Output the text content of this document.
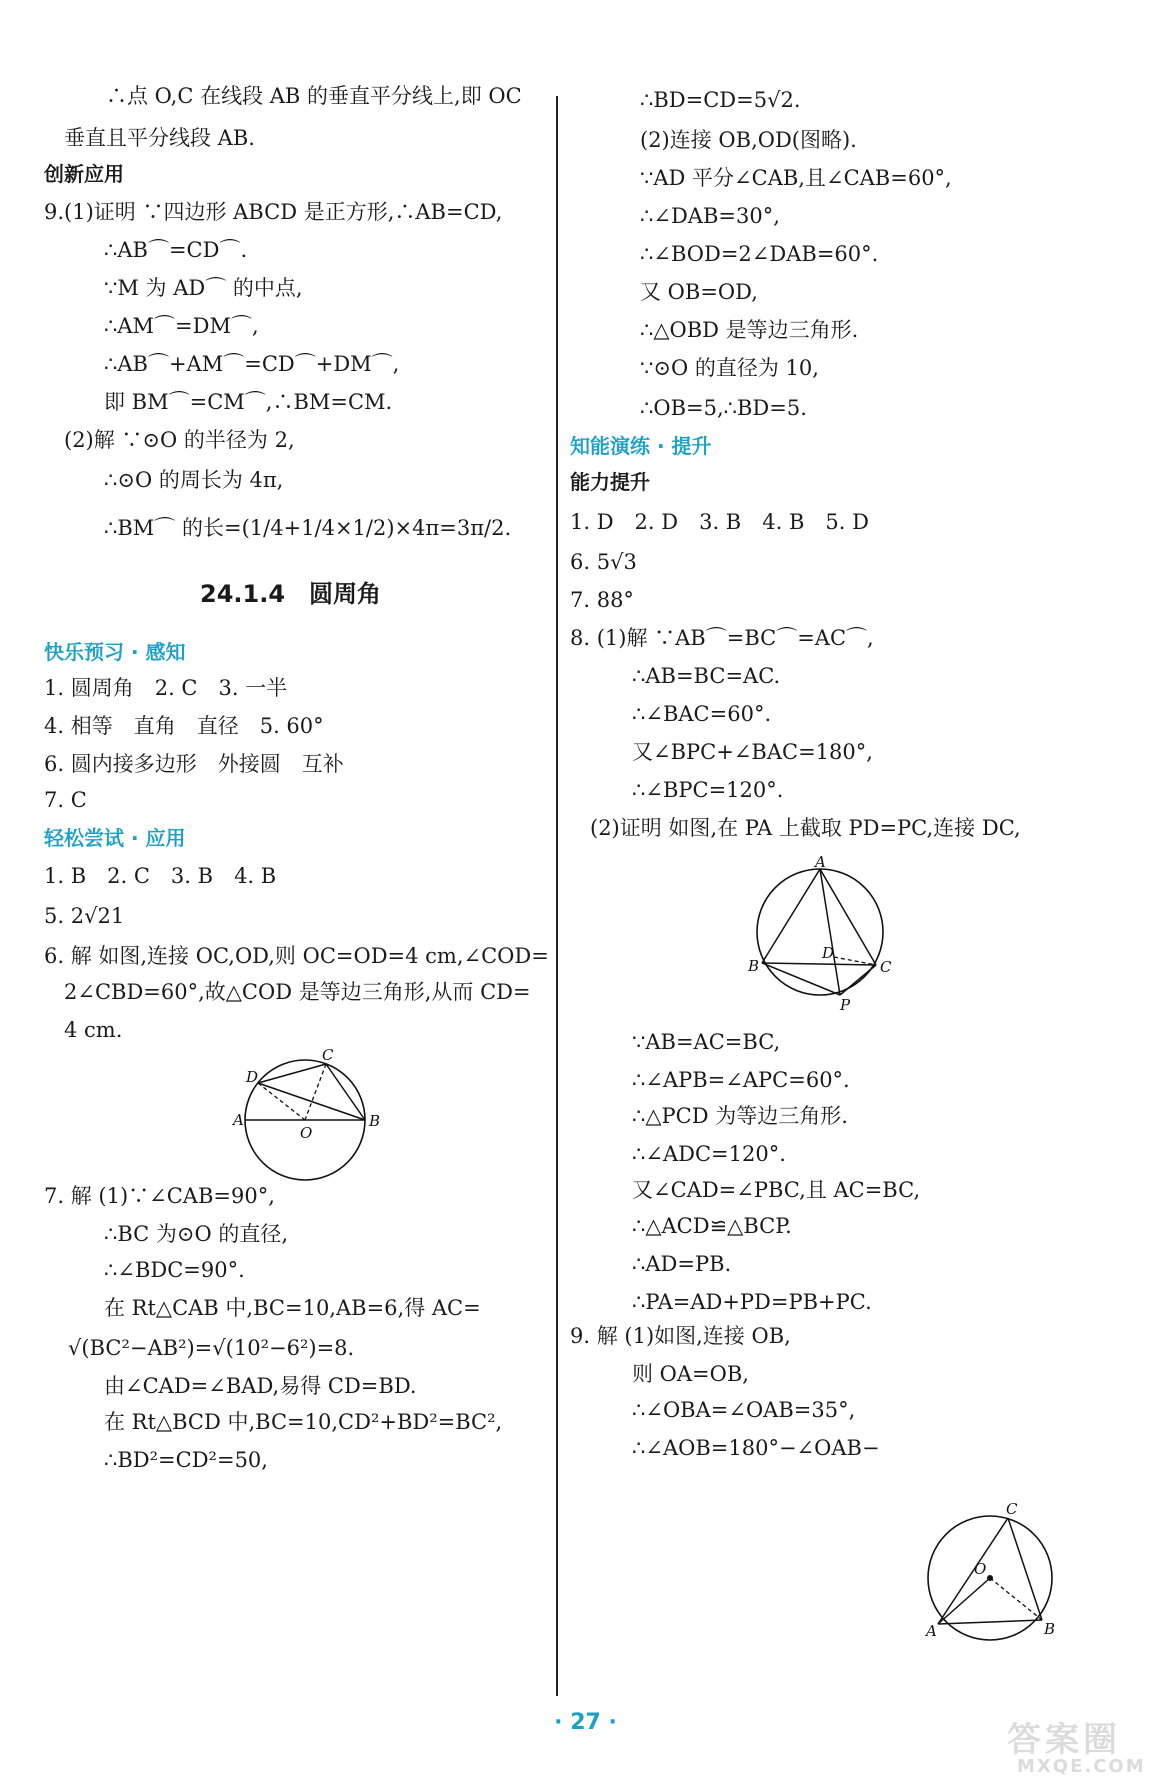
∴点 O,C 在线段 AB 的垂直平分线上,即 OC
垂直且平分线段 AB.
创新应用
9.(1)证明 ∵四边形 ABCD 是正方形,∴AB=CD,
∴AB⌒=CD⌒.
∵M 为 AD⌒ 的中点,
∴AM⌒=DM⌒,
∴AB⌒+AM⌒=CD⌒+DM⌒,
即 BM⌒=CM⌒,∴BM=CM.
(2)解 ∵⊙O 的半径为 2,
∴⊙O 的周长为 4π,
∴BM⌒ 的长=(1/4+1/4×1/2)×4π=3π/2.
24.1.4　圆周角
快乐预习 · 感知
1. 圆周角　2. C　3. 一半
4. 相等　直角　直径　5. 60°
6. 圆内接多边形　外接圆　互补
7. C
轻松尝试 · 应用
1. B　2. C　3. B　4. B
5. 2√21
6. 解 如图,连接 OC,OD,则 OC=OD=4 cm,∠COD=
2∠CBD=60°,故△COD 是等边三角形,从而 CD=
4 cm.
7. 解 (1)∵∠CAB=90°,
∴BC 为⊙O 的直径,
∴∠BDC=90°.
在 Rt△CAB 中,BC=10,AB=6,得 AC=
√(BC²−AB²)=√(10²−6²)=8.
由∠CAD=∠BAD,易得 CD=BD.
在 Rt△BCD 中,BC=10,CD²+BD²=BC²,
∴BD²=CD²=50,
∴BD=CD=5√2.
(2)连接 OB,OD(图略).
∵AD 平分∠CAB,且∠CAB=60°,
∴∠DAB=30°,
∴∠BOD=2∠DAB=60°.
又 OB=OD,
∴△OBD 是等边三角形.
∵⊙O 的直径为 10,
∴OB=5,∴BD=5.
知能演练 · 提升
能力提升
1. D　2. D　3. B　4. B　5. D
6. 5√3
7. 88°
8. (1)解 ∵AB⌒=BC⌒=AC⌒,
∴AB=BC=AC.
∴∠BAC=60°.
又∠BPC+∠BAC=180°,
∴∠BPC=120°.
(2)证明 如图,在 PA 上截取 PD=PC,连接 DC,
∵AB=AC=BC,
∴∠APB=∠APC=60°.
∴△PCD 为等边三角形.
∴∠ADC=120°.
又∠CAD=∠PBC,且 AC=BC,
∴△ACD≌△BCP.
∴AD=PB.
∴PA=AD+PD=PB+PC.
9. 解 (1)如图,连接 OB,
则 OA=OB,
∴∠OBA=∠OAB=35°,
∴∠AOB=180°−∠OAB−
A	B
C
D
O
A
B	C
D
P
C
A	B
O
· 27 ·	答案圈
MXQE.COM
